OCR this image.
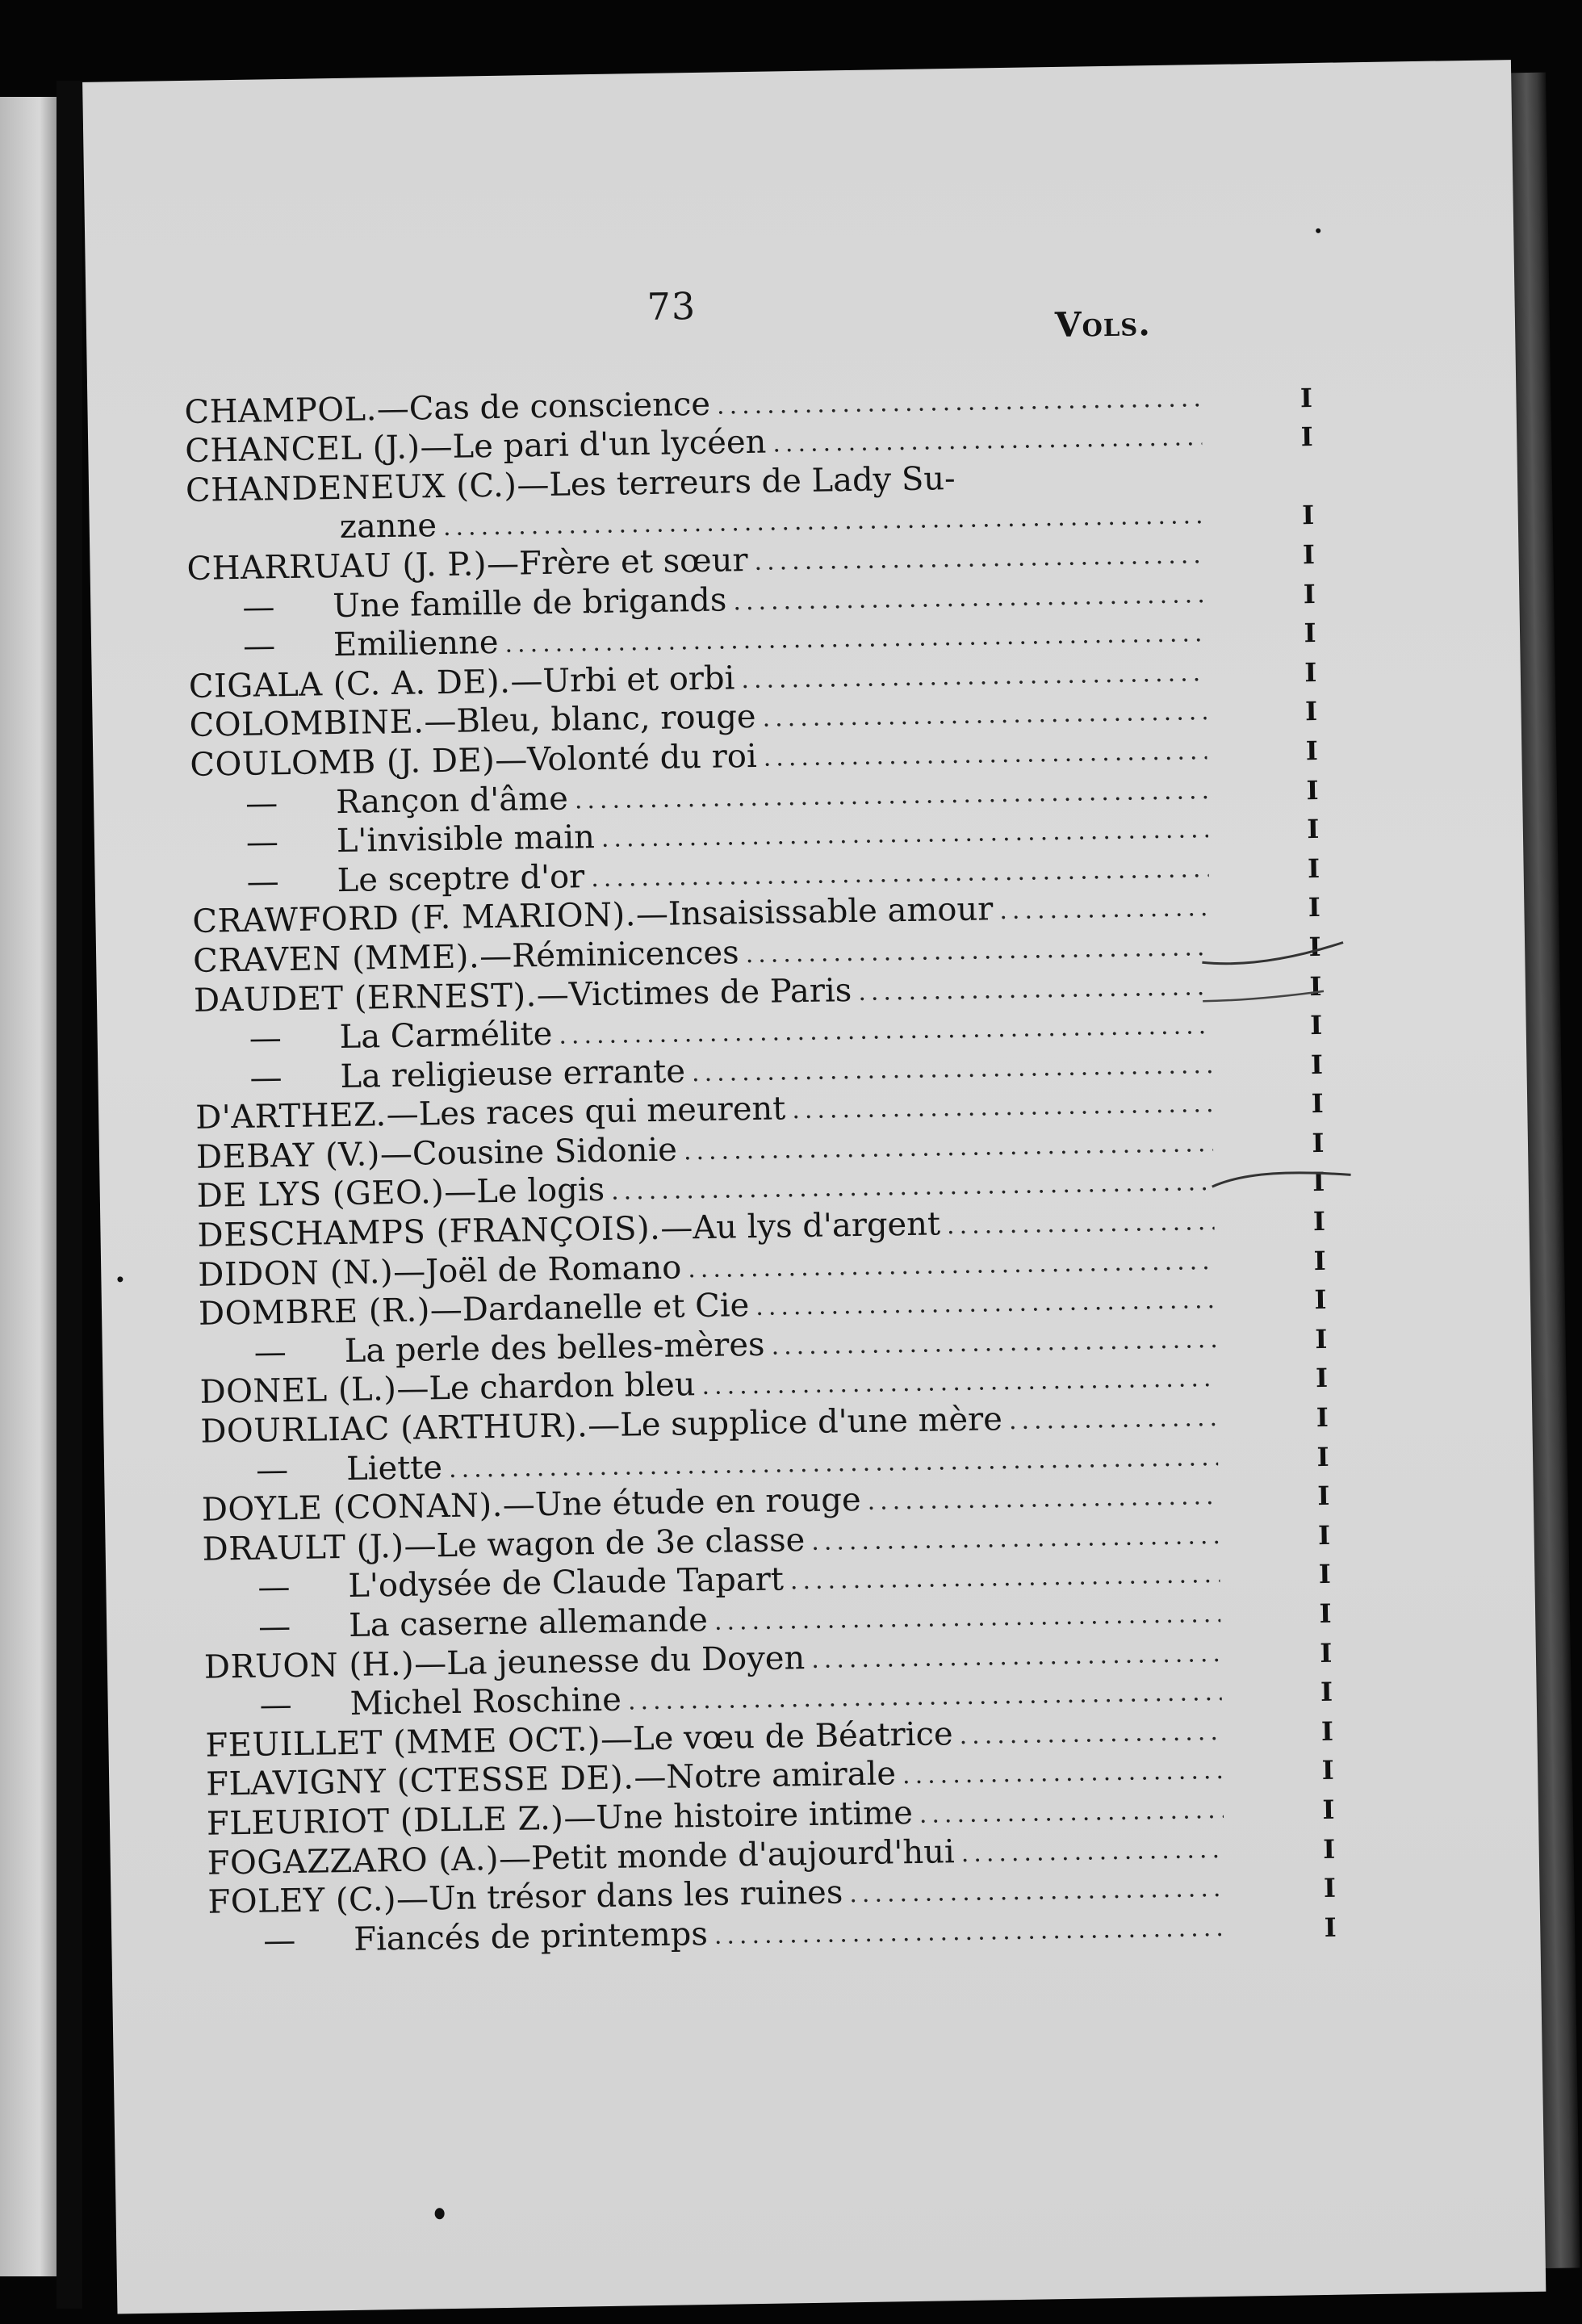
73	Vols.
CHAMPOL. —Cas de conscience .....	I
CHANCEL (J.) —Le pari d'un lycéen .....	I
CHANDENEUX (C.) —Les terreurs de Lady Su-
zanne .....	I
CHARRUAU (J. P.) —Frère et sœur .....	I
—	Une famille de brigands .....	I
—	Emilienne .....	I
CIGALA (C. A. DE). —Urbi et orbi .....	I
COLOMBINE. —Bleu, blanc, rouge .....	I
COULOMB (J. DE) —Volonté du roi .....	I
—	Rançon d'âme .....	I
—	L'invisible main .....	I
—	Le sceptre d'or .....	I
CRAWFORD (F. MARION). —Insaisissable amour .....	I
CRAVEN (MME). —Réminicences .....	I
DAUDET (ERNEST). —Victimes de Paris .....	I
—	La Carmélite .....	I
—	La religieuse errante .....	I
D'ARTHEZ. —Les races qui meurent .....	I
DEBAY (V.) —Cousine Sidonie .....	I
DE LYS (GEO.) —Le logis .....	I
DESCHAMPS (FRANÇOIS). —Au lys d'argent .....	I
DIDON (N.) —Joël de Romano .....	I
DOMBRE (R.) —Dardanelle et Cie .....	I
—	La perle des belles-mères .....	I
DONEL (L.) —Le chardon bleu .....	I
DOURLIAC (ARTHUR). —Le supplice d'une mère .....	I
—	Liette .....	I
DOYLE (CONAN). —Une étude en rouge .....	I
DRAULT (J.) —Le wagon de 3e classe .....	I
—	L'odysée de Claude Tapart .....	I
—	La caserne allemande .....	I
DRUON (H.) —La jeunesse du Doyen .....	I
—	Michel Roschine .....	I
FEUILLET (MME OCT.) —Le vœu de Béatrice .....	I
FLAVIGNY (CTESSE DE). —Notre amirale .....	I
FLEURIOT (DLLE Z.) —Une histoire intime .....	I
FOGAZZARO (A.) —Petit monde d'aujourd'hui .....	I
FOLEY (C.) —Un trésor dans les ruines .....	I
—	Fiancés de printemps .....	I
